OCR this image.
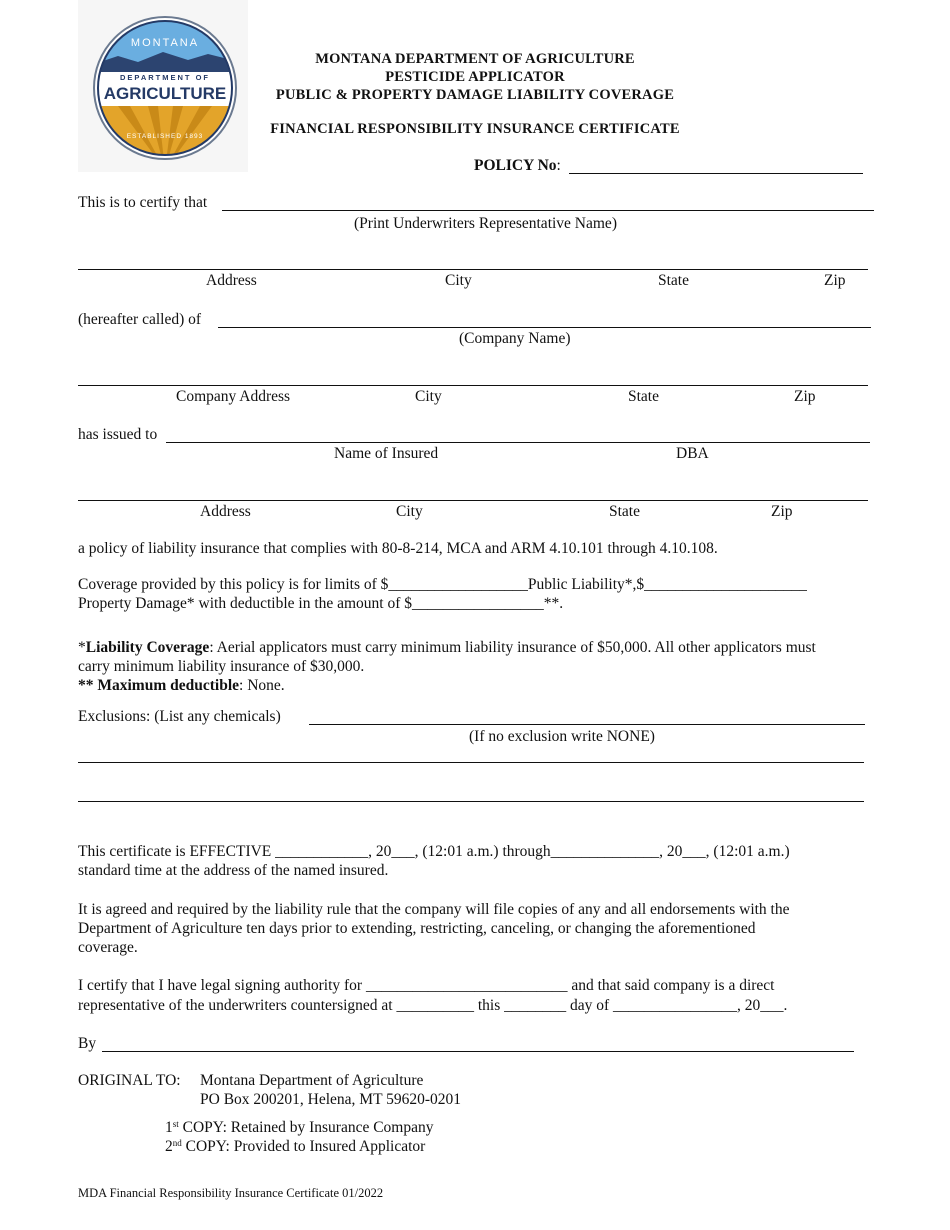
MONTANA
DEPARTMENT OF
AGRICULTURE
ESTABLISHED 1893
MONTANA DEPARTMENT OF AGRICULTURE
PESTICIDE APPLICATOR
PUBLIC & PROPERTY DAMAGE LIABILITY COVERAGE
FINANCIAL RESPONSIBILITY INSURANCE CERTIFICATE
POLICY No:
This is to certify that
(Print Underwriters Representative Name)
Address	City	State	Zip
(hereafter called) of
(Company Name)
Company Address	City	State	Zip
has issued to
Name of Insured	DBA
Address	City	State	Zip
a policy of liability insurance that complies with 80-8-214, MCA and ARM 4.10.101 through 4.10.108.
Coverage provided by this policy is for limits of $__________________Public Liability*,$_____________________
Property Damage* with deductible in the amount of $_________________**.
*Liability Coverage: Aerial applicators must carry minimum liability insurance of $50,000. All other applicators must
carry minimum liability insurance of $30,000.
** Maximum deductible: None.
Exclusions: (List any chemicals)
(If no exclusion write NONE)
This certificate is EFFECTIVE ____________, 20___, (12:01 a.m.) through______________, 20___, (12:01 a.m.)
standard time at the address of the named insured.
It is agreed and required by the liability rule that the company will file copies of any and all endorsements with the
Department of Agriculture ten days prior to extending, restricting, canceling, or changing the aforementioned
coverage.
I certify that I have legal signing authority for __________________________ and that said company is a direct
representative of the underwriters countersigned at __________ this ________ day of ________________, 20___.
By
ORIGINAL TO: Montana Department of Agriculture
PO Box 200201, Helena, MT 59620-0201
1st COPY: Retained by Insurance Company
2nd COPY: Provided to Insured Applicator
MDA Financial Responsibility Insurance Certificate 01/2022
